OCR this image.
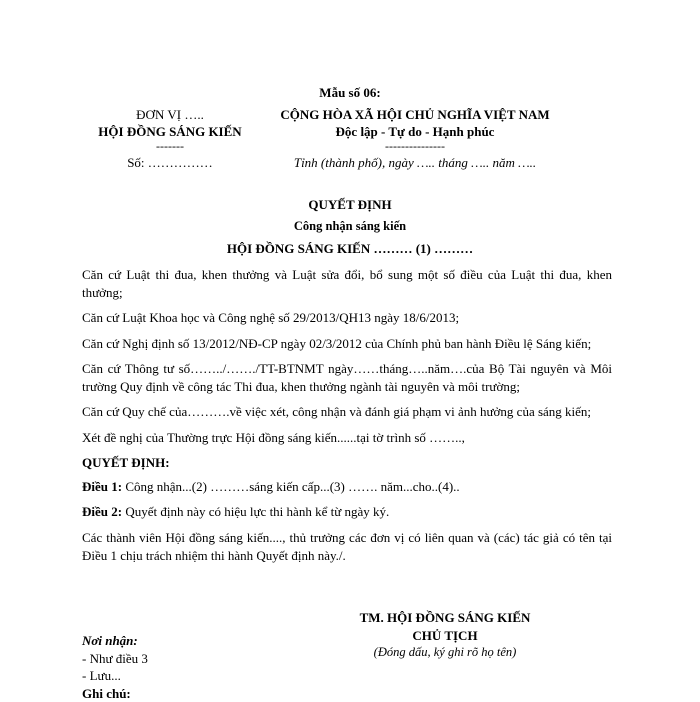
Mẫu số 06:
ĐƠN VỊ …..
HỘI ĐỒNG SÁNG KIẾN
-------
Số: ……………
CỘNG HÒA XÃ HỘI CHỦ NGHĨA VIỆT NAM
Độc lập - Tự do - Hạnh phúc
---------------
Tỉnh (thành phố), ngày ….. tháng ….. năm …..
QUYẾT ĐỊNH
Công nhận sáng kiến
HỘI ĐỒNG SÁNG KIẾN ……… (1) ………

Căn cứ Luật thi đua, khen thưởng và Luật sửa đổi, bổ sung một số điều của Luật thi đua, khen thưởng;

Căn cứ Luật Khoa học và Công nghệ số 29/2013/QH13 ngày 18/6/2013;

Căn cứ Nghị định số 13/2012/NĐ-CP ngày 02/3/2012 của Chính phủ ban hành Điều lệ Sáng kiến;

Căn cứ Thông tư số……../……./TT-BTNMT ngày……tháng…..năm….của Bộ Tài nguyên và Môi trường Quy định về công tác Thi đua, khen thưởng ngành tài nguyên và môi trường;

Căn cứ Quy chế của……….về việc xét, công nhận và đánh giá phạm vi ảnh hưởng của sáng kiến;

Xét đề nghị của Thường trực Hội đồng sáng kiến......tại tờ trình số ……..,

QUYẾT ĐỊNH:

Điều 1: Công nhận...(2) ………sáng kiến cấp...(3) ……. năm...cho..(4)..

Điều 2: Quyết định này có hiệu lực thi hành kể từ ngày ký.

Các thành viên Hội đồng sáng kiến...., thủ trưởng các đơn vị có liên quan và (các) tác giả có tên tại Điều 1 chịu trách nhiệm thi hành Quyết định này./.

TM. HỘI ĐỒNG SÁNG KIẾN
CHỦ TỊCH
(Đóng dấu, ký ghi rõ họ tên)
Nơi nhận:
- Như điều 3
- Lưu...
Ghi chú:
